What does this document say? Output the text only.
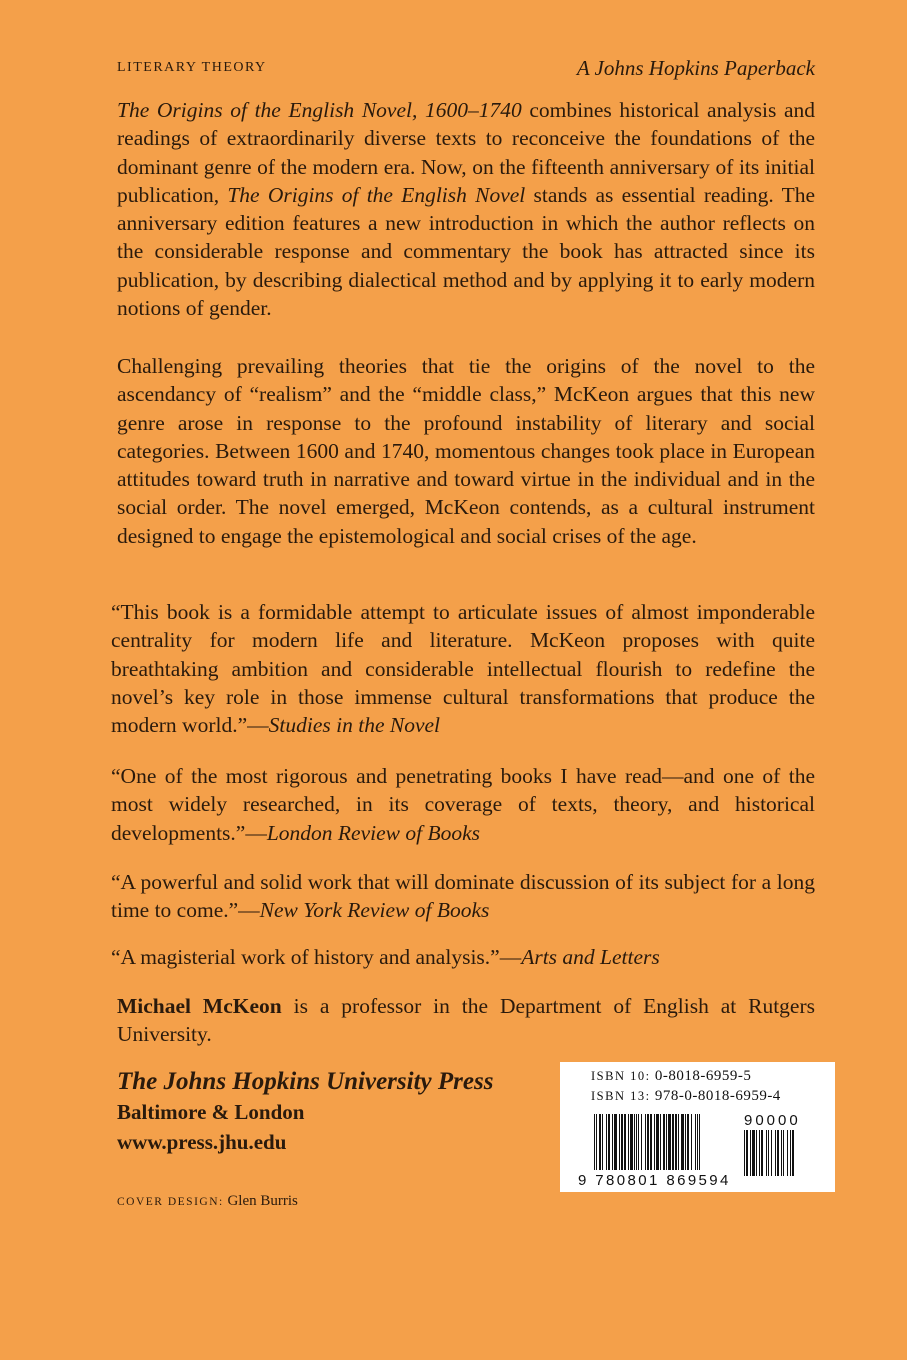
LITERARY THEORY	A Johns Hopkins Paperback

The Origins of the English Novel, 1600–1740 combines historical analysis and readings of extraordinarily diverse texts to reconceive the foundations of the dominant genre of the modern era. Now, on the fifteenth anniversary of its initial publication, The Origins of the English Novel stands as essential reading. The anniversary edition features a new introduction in which the author reflects on the considerable response and commentary the book has attracted since its publication, by describing dialectical method and by applying it to early modern notions of gender.

Challenging prevailing theories that tie the origins of the novel to the ascendancy of “realism” and the “middle class,” McKeon argues that this new genre arose in response to the profound instability of literary and social categories. Between 1600 and 1740, momentous changes took place in European attitudes toward truth in narrative and toward virtue in the individual and in the social order. The novel emerged, McKeon contends, as a cultural instrument designed to engage the epistemological and social crises of the age.

“This book is a formidable attempt to articulate issues of almost imponderable centrality for modern life and literature. McKeon proposes with quite breathtaking ambition and considerable intellectual flourish to redefine the novel’s key role in those immense cultural transformations that produce the modern world.”—Studies in the Novel

“One of the most rigorous and penetrating books I have read—and one of the most widely researched, in its coverage of texts, theory, and historical developments.”—London Review of Books

“A powerful and solid work that will dominate discussion of its subject for a long time to come.”—New York Review of Books

“A magisterial work of history and analysis.”—Arts and Letters

Michael McKeon is a professor in the Department of English at Rutgers University.

The Johns Hopkins University Press
Baltimore & London
www.press.jhu.edu
COVER DESIGN: Glen Burris
ISBN 10: 0-8018-6959-5
ISBN 13: 978-0-8018-6959-4
9 780801 869594
90000
